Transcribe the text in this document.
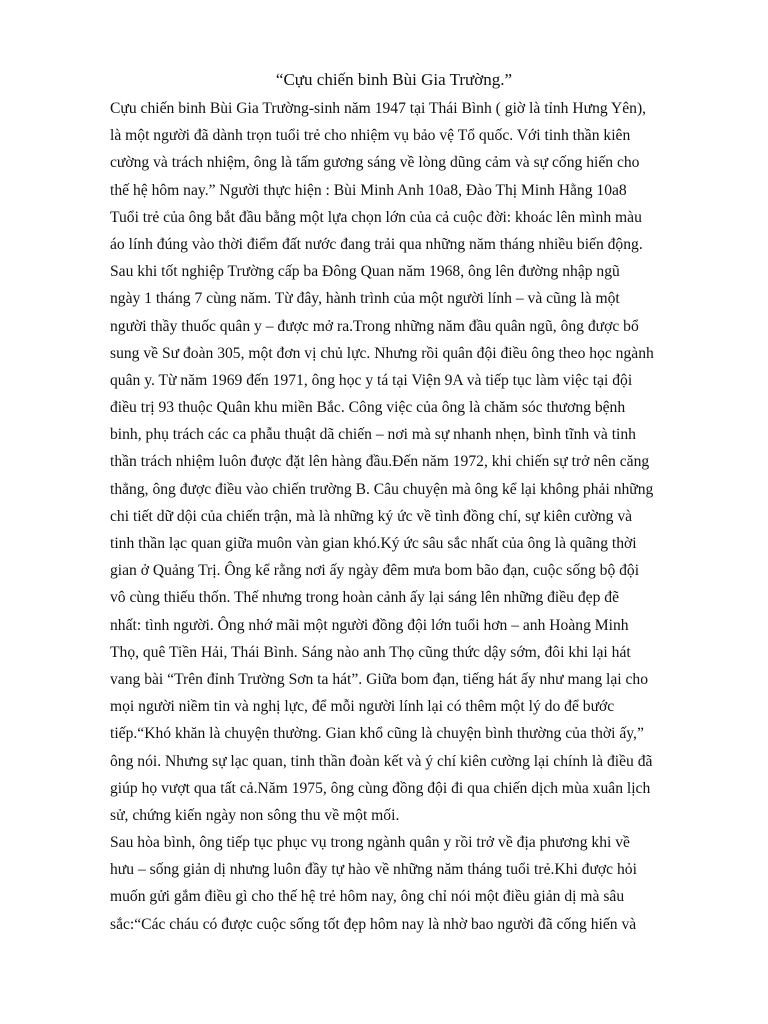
“Cựu chiến binh Bùi Gia Trường.”
Cựu chiến binh Bùi Gia Trường-sinh năm 1947 tại Thái Bình ( giờ là tỉnh Hưng Yên),
là một người đã dành trọn tuổi trẻ cho nhiệm vụ bảo vệ Tổ quốc. Với tinh thần kiên
cường và trách nhiệm, ông là tấm gương sáng về lòng dũng cảm và sự cống hiến cho
thế hệ hôm nay.” Người thực hiện : Bùi Minh Anh 10a8, Đào Thị Minh Hằng 10a8
Tuổi trẻ của ông bắt đầu bằng một lựa chọn lớn của cả cuộc đời: khoác lên mình màu
áo lính đúng vào thời điểm đất nước đang trải qua những năm tháng nhiều biến động.
Sau khi tốt nghiệp Trường cấp ba Đông Quan năm 1968, ông lên đường nhập ngũ
ngày 1 tháng 7 cùng năm. Từ đây, hành trình của một người lính – và cũng là một
người thầy thuốc quân y – được mở ra.Trong những năm đầu quân ngũ, ông được bổ
sung về Sư đoàn 305, một đơn vị chủ lực. Nhưng rồi quân đội điều ông theo học ngành
quân y. Từ năm 1969 đến 1971, ông học y tá tại Viện 9A và tiếp tục làm việc tại đội
điều trị 93 thuộc Quân khu miền Bắc. Công việc của ông là chăm sóc thương bệnh
binh, phụ trách các ca phẫu thuật dã chiến – nơi mà sự nhanh nhẹn, bình tĩnh và tinh
thần trách nhiệm luôn được đặt lên hàng đầu.Đến năm 1972, khi chiến sự trở nên căng
thẳng, ông được điều vào chiến trường B. Câu chuyện mà ông kể lại không phải những
chi tiết dữ dội của chiến trận, mà là những ký ức về tình đồng chí, sự kiên cường và
tinh thần lạc quan giữa muôn vàn gian khó.Ký ức sâu sắc nhất của ông là quãng thời
gian ở Quảng Trị. Ông kể rằng nơi ấy ngày đêm mưa bom bão đạn, cuộc sống bộ đội
vô cùng thiếu thốn. Thế nhưng trong hoàn cảnh ấy lại sáng lên những điều đẹp đẽ
nhất: tình người. Ông nhớ mãi một người đồng đội lớn tuổi hơn – anh Hoàng Minh
Thọ, quê Tiền Hải, Thái Bình. Sáng nào anh Thọ cũng thức dậy sớm, đôi khi lại hát
vang bài “Trên đỉnh Trường Sơn ta hát”. Giữa bom đạn, tiếng hát ấy như mang lại cho
mọi người niềm tin và nghị lực, để mỗi người lính lại có thêm một lý do để bước
tiếp.“Khó khăn là chuyện thường. Gian khổ cũng là chuyện bình thường của thời ấy,”
ông nói. Nhưng sự lạc quan, tinh thần đoàn kết và ý chí kiên cường lại chính là điều đã
giúp họ vượt qua tất cả.Năm 1975, ông cùng đồng đội đi qua chiến dịch mùa xuân lịch
sử, chứng kiến ngày non sông thu về một mối.
Sau hòa bình, ông tiếp tục phục vụ trong ngành quân y rồi trở về địa phương khi về
hưu – sống giản dị nhưng luôn đầy tự hào về những năm tháng tuổi trẻ.Khi được hỏi
muốn gửi gắm điều gì cho thế hệ trẻ hôm nay, ông chỉ nói một điều giản dị mà sâu
sắc:“Các cháu có được cuộc sống tốt đẹp hôm nay là nhờ bao người đã cống hiến và
